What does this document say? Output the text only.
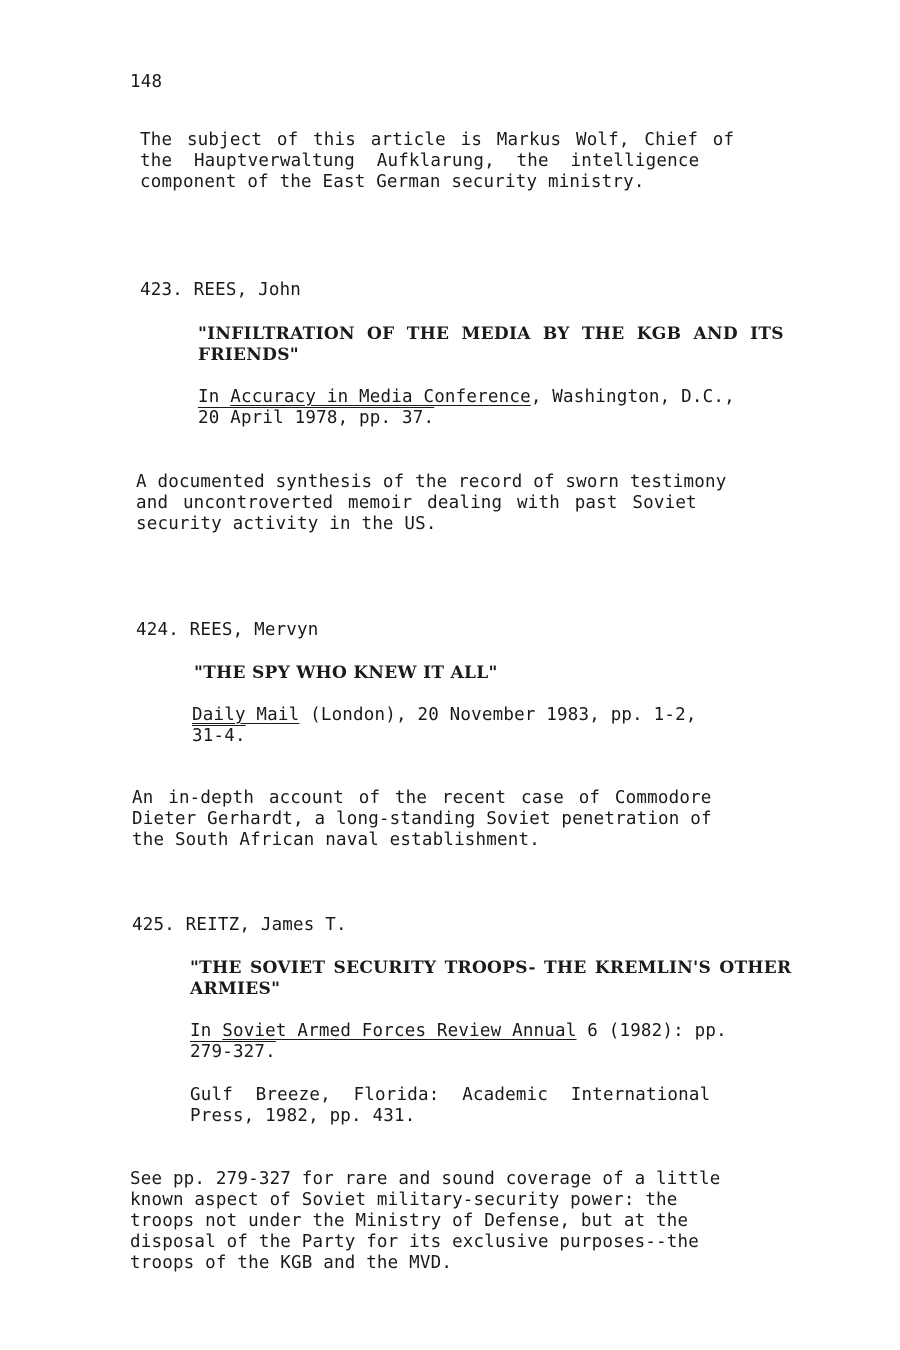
148
The subject of this article is Markus Wolf, Chief of
the Hauptverwaltung Aufklarung, the intelligence
component of the East German security ministry.
423. REES, John
"INFILTRATION OF THE MEDIA BY THE KGB AND ITS
FRIENDS"
In Accuracy in Media Conference, Washington, D.C.,
20 April 1978, pp. 37.
A documented synthesis of the record of sworn testimony
and uncontroverted memoir dealing with past Soviet
security activity in the US.
424. REES, Mervyn
"THE SPY WHO KNEW IT ALL"
Daily Mail (London), 20 November 1983, pp. 1-2,
31-4.
An in-depth account of the recent case of Commodore
Dieter Gerhardt, a long-standing Soviet penetration of
the South African naval establishment.
425. REITZ, James T.
"THE SOVIET SECURITY TROOPS- THE KREMLIN'S OTHER
ARMIES"
In Soviet Armed Forces Review Annual 6 (1982): pp.
279-327.
Gulf Breeze, Florida: Academic International
Press, 1982, pp. 431.
See pp. 279-327 for rare and sound coverage of a little
known aspect of Soviet military-security power: the
troops not under the Ministry of Defense, but at the
disposal of the Party for its exclusive purposes--the
troops of the KGB and the MVD.
